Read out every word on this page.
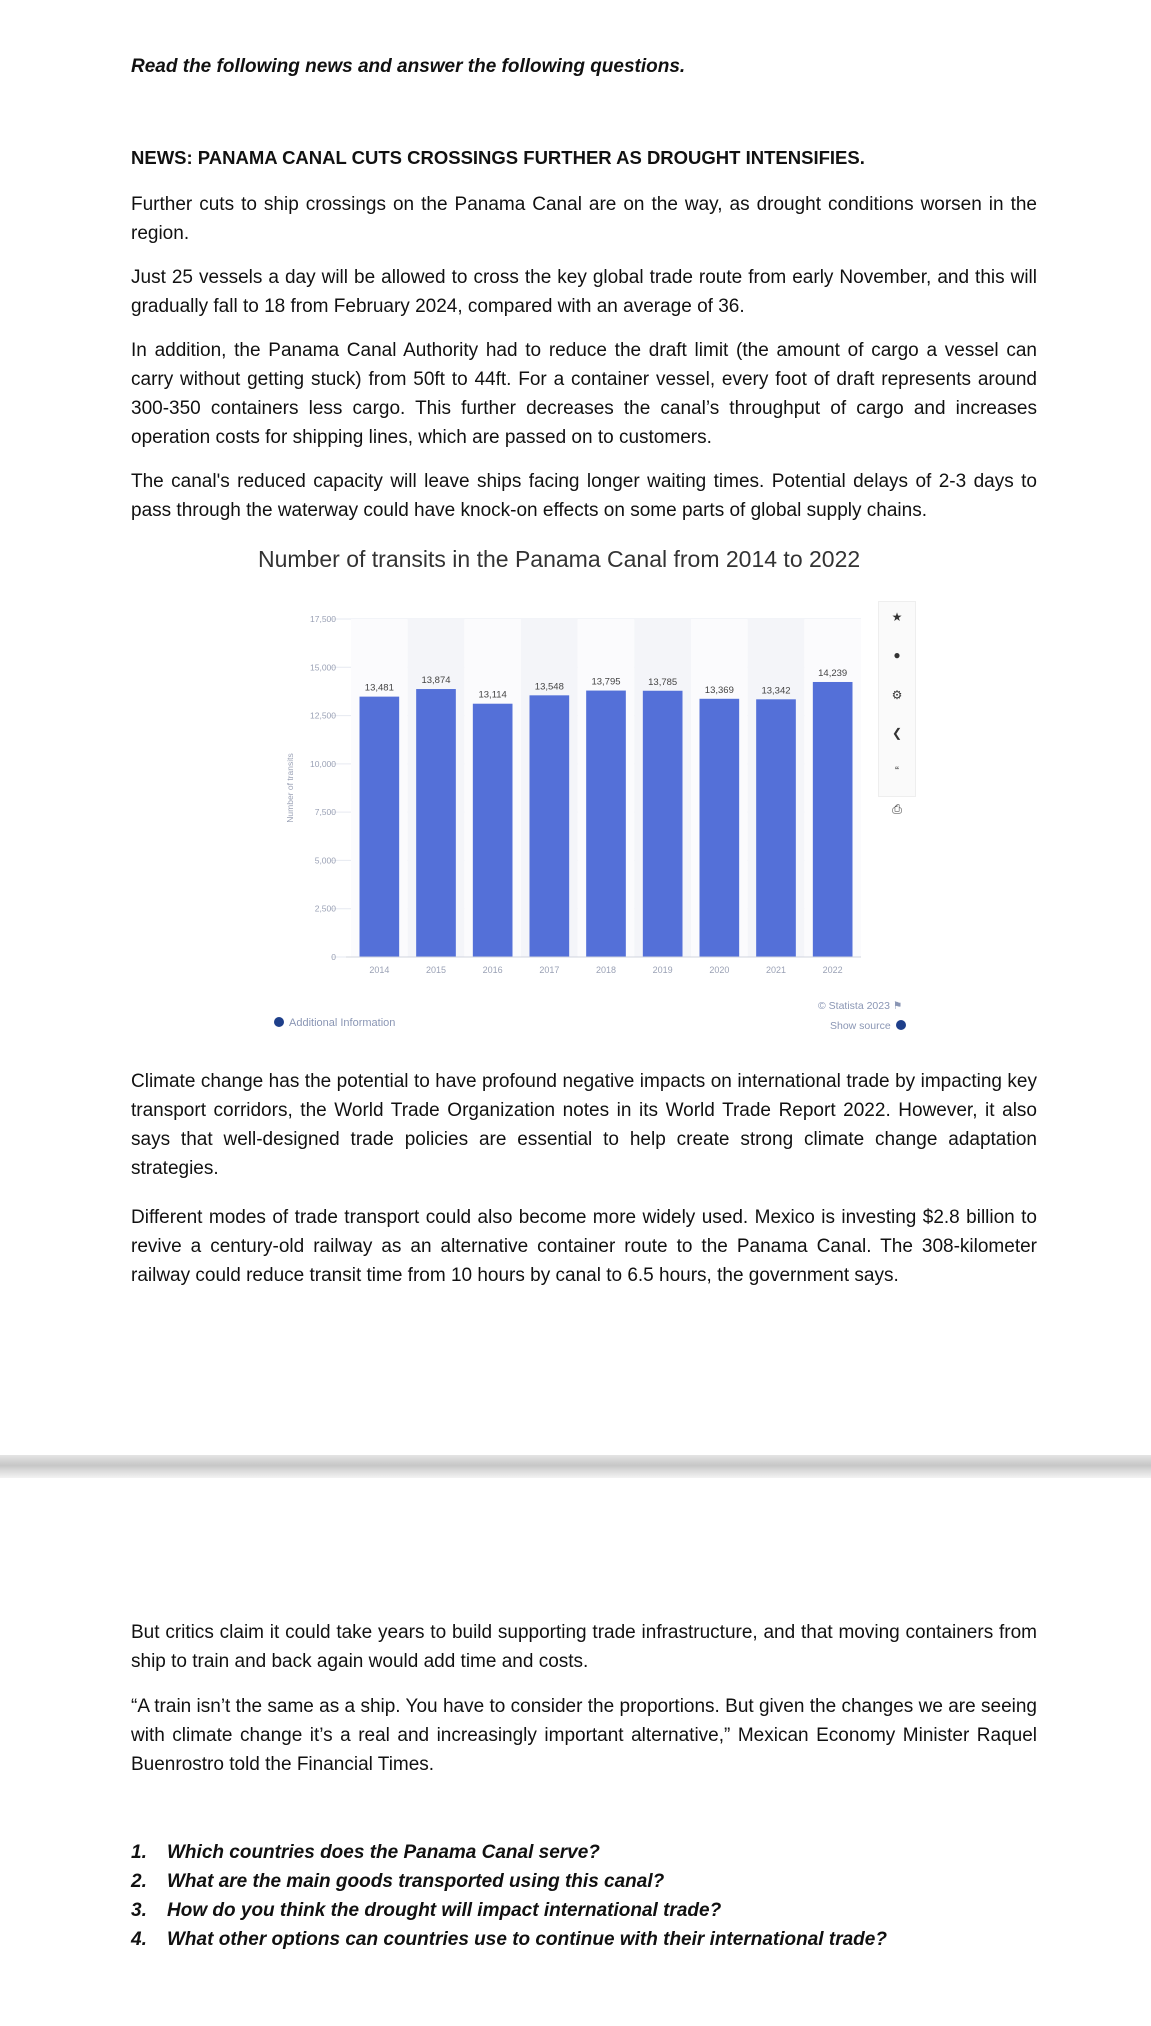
Read the following news and answer the following questions.

NEWS: PANAMA CANAL CUTS CROSSINGS FURTHER AS DROUGHT INTENSIFIES.

Further cuts to ship crossings on the Panama Canal are on the way, as drought conditions worsen in the region.

Just 25 vessels a day will be allowed to cross the key global trade route from early November, and this will gradually fall to 18 from February 2024, compared with an average of 36.

In addition, the Panama Canal Authority had to reduce the draft limit (the amount of cargo a vessel can carry without getting stuck) from 50ft to 44ft. For a container vessel, every foot of draft represents around 300-350 containers less cargo. This further decreases the canal’s throughput of cargo and increases operation costs for shipping lines, which are passed on to customers.

The canal's reduced capacity will leave ships facing longer waiting times. Potential delays of 2-3 days to pass through the waterway could have knock-on effects on some parts of global supply chains.

Number of transits in the Panama Canal from 2014 to 2022

0
2,500
5,000
7,500
10,000
12,500
15,000
17,500
Number of transits
13,481
2014
13,874
2015
13,114
2016
13,548
2017
13,795
2018
13,785
2019
13,369
2020
13,342
2021
14,239
2022
★
●
⚙
❮
“
⎙
© Statista 2023 ⚑
Additional Information	Show source

Climate change has the potential to have profound negative impacts on international trade by impacting key transport corridors, the World Trade Organization notes in its World Trade Report 2022. However, it also says that well-designed trade policies are essential to help create strong climate change adaptation strategies.

Different modes of trade transport could also become more widely used. Mexico is investing $2.8 billion to revive a century-old railway as an alternative container route to the Panama Canal. The 308-kilometer railway could reduce transit time from 10 hours by canal to 6.5 hours, the government says.

But critics claim it could take years to build supporting trade infrastructure, and that moving containers from ship to train and back again would add time and costs.

“A train isn’t the same as a ship. You have to consider the proportions. But given the changes we are seeing with climate change it’s a real and increasingly important alternative,” Mexican Economy Minister Raquel Buenrostro told the Financial Times.

1.	Which countries does the Panama Canal serve?
2.	What are the main goods transported using this canal?
3.	How do you think the drought will impact international trade?
4.	What other options can countries use to continue with their international trade?
